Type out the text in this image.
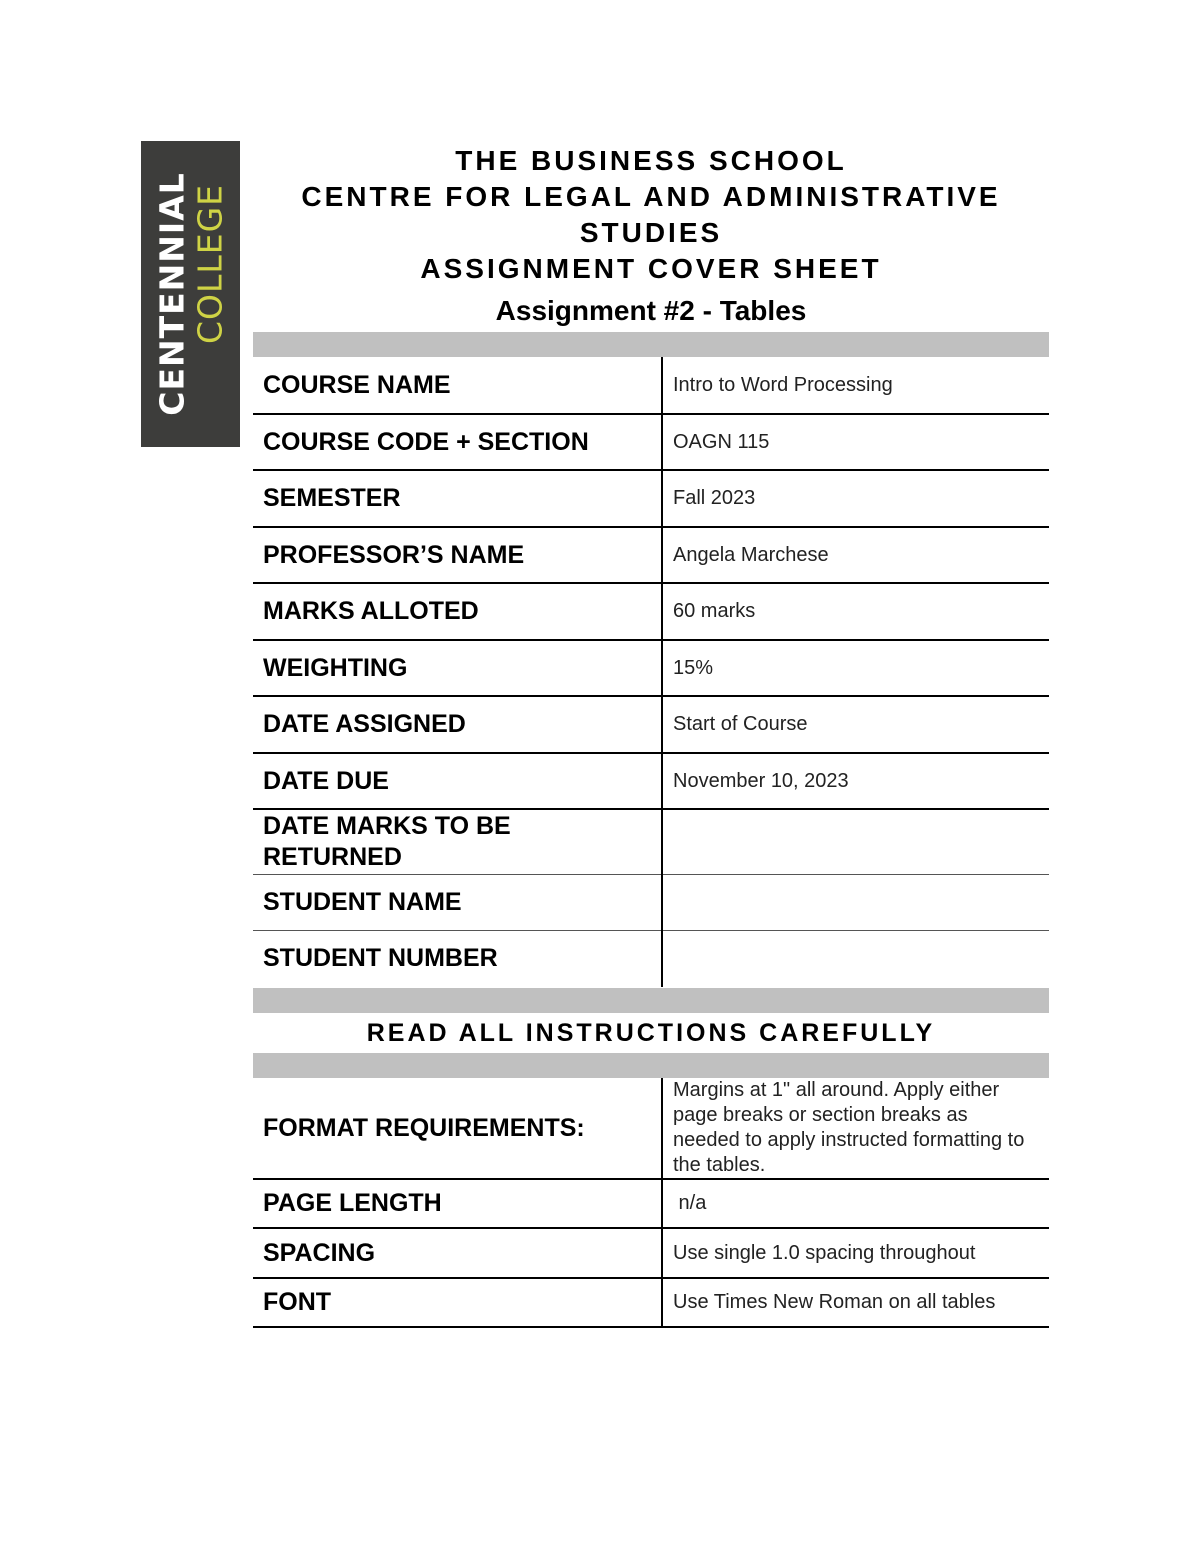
CENTENNIAL COLLEGE
THE BUSINESS SCHOOL
CENTRE FOR LEGAL AND ADMINISTRATIVE
STUDIES
ASSIGNMENT COVER SHEET
Assignment #2 - Tables
COURSE NAME	Intro to Word Processing
COURSE CODE + SECTION	OAGN 115
SEMESTER	Fall 2023
PROFESSOR’S NAME	Angela Marchese
MARKS ALLOTED	60 marks
WEIGHTING	15%
DATE ASSIGNED	Start of Course
DATE DUE	November 10, 2023
DATE MARKS TO BE RETURNED	
STUDENT NAME	
STUDENT NUMBER	
READ ALL INSTRUCTIONS CAREFULLY
FORMAT REQUIREMENTS:	Margins at 1" all around. Apply either page breaks or section breaks as needed to apply instructed formatting to the tables.
PAGE LENGTH	n/a
SPACING	Use single 1.0 spacing throughout
FONT	Use Times New Roman on all tables
